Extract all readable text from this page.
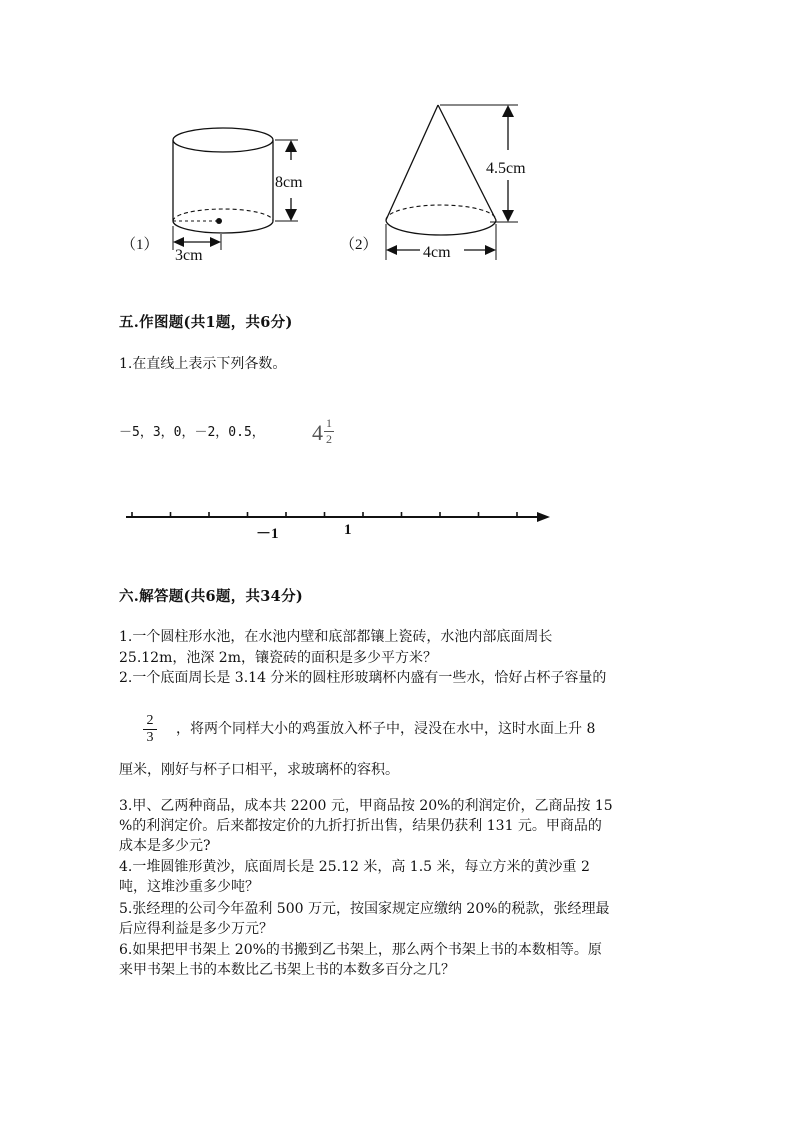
（1）
8cm
3cm
（2）
4.5cm
4cm
五.作图题(共1题，共6分)
1.在直线上表示下列各数。
－5，3，0，－2，0.5， 4 1
2
－1	1
六.解答题(共6题，共34分)
1.一个圆柱形水池，在水池内壁和底部都镶上瓷砖，水池内部底面周长
25.12m，池深 2m，镶瓷砖的面积是多少平方米？
2.一个底面周长是 3.14 分米的圆柱形玻璃杯内盛有一些水，恰好占杯子容量的
2
3
，将两个同样大小的鸡蛋放入杯子中，浸没在水中，这时水面上升 8
厘米，刚好与杯子口相平，求玻璃杯的容积。
3.甲、乙两种商品，成本共 2200 元，甲商品按 20%的利润定价，乙商品按 15
%的利润定价。后来都按定价的九折打折出售，结果仍获利 131 元。甲商品的
成本是多少元?
4.一堆圆锥形黄沙，底面周长是 25.12 米，高 1.5 米，每立方米的黄沙重 2
吨，这堆沙重多少吨？
5.张经理的公司今年盈利 500 万元，按国家规定应缴纳 20%的税款，张经理最
后应得利益是多少万元？
6.如果把甲书架上 20%的书搬到乙书架上，那么两个书架上书的本数相等。原
来甲书架上书的本数比乙书架上书的本数多百分之几？
